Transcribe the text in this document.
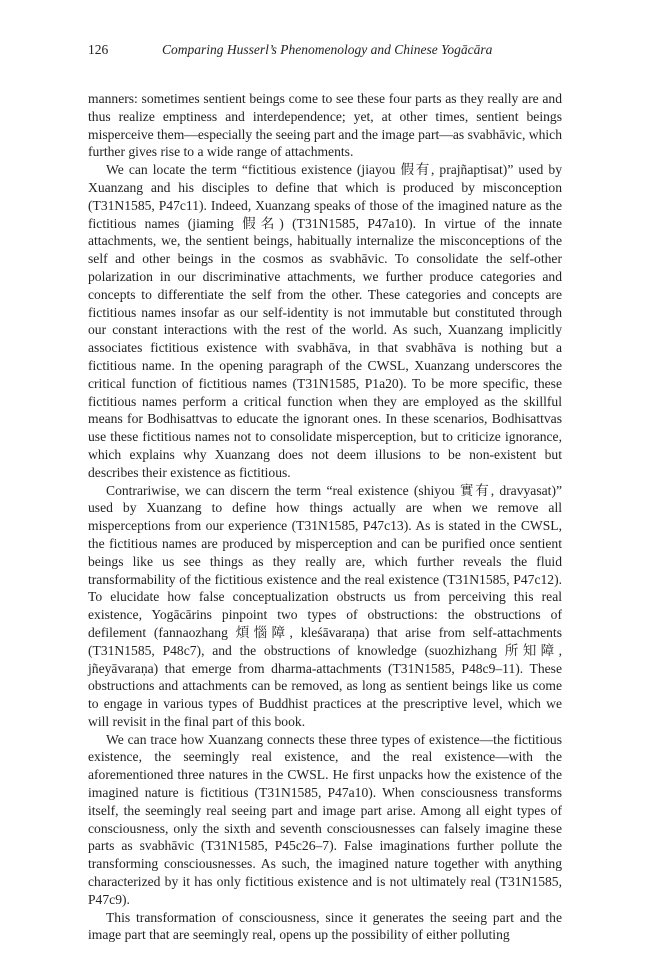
126	Comparing Husserl’s Phenomenology and Chinese Yogācāra

manners: sometimes sentient beings come to see these four parts as they really are and thus realize emptiness and interdependence; yet, at other times, sentient beings misperceive them—especially the seeing part and the image part—as svabhāvic, which further gives rise to a wide range of attachments.

We can locate the term “fictitious existence (jiayou 假有, prajñaptisat)” used by Xuanzang and his disciples to define that which is produced by misconception (T31N1585, P47c11). Indeed, Xuanzang speaks of those of the imagined nature as the fictitious names (jiaming 假名) (T31N1585, P47a10). In virtue of the innate attachments, we, the sentient beings, habitually internalize the misconceptions of the self and other beings in the cosmos as svabhāvic. To consolidate the self-other polarization in our discriminative attachments, we further produce categories and concepts to differentiate the self from the other. These categories and concepts are fictitious names insofar as our self-identity is not immutable but constituted through our constant interactions with the rest of the world. As such, Xuanzang implicitly associates fictitious existence with svabhāva, in that svabhāva is nothing but a fictitious name. In the opening paragraph of the CWSL, Xuanzang underscores the critical function of fictitious names (T31N1585, P1a20). To be more specific, these fictitious names perform a critical function when they are employed as the skillful means for Bodhisattvas to educate the ignorant ones. In these scenarios, Bodhisattvas use these fictitious names not to consolidate misperception, but to criticize ignorance, which explains why Xuanzang does not deem illusions to be non-existent but describes their existence as fictitious.

Contrariwise, we can discern the term “real existence (shiyou 實有, dravyasat)” used by Xuanzang to define how things actually are when we remove all misperceptions from our experience (T31N1585, P47c13). As is stated in the CWSL, the fictitious names are produced by misperception and can be purified once sentient beings like us see things as they really are, which further reveals the fluid transformability of the fictitious existence and the real existence (T31N1585, P47c12). To elucidate how false conceptualization obstructs us from perceiving this real existence, Yogācārins pinpoint two types of obstructions: the obstructions of defilement (fannaozhang 煩惱障, kleśāvaraṇa) that arise from self-attachments (T31N1585, P48c7), and the obstructions of knowledge (suozhizhang 所知障, jñeyāvaraṇa) that emerge from dharma-attachments (T31N1585, P48c9–11). These obstructions and attachments can be removed, as long as sentient beings like us come to engage in various types of Buddhist practices at the prescriptive level, which we will revisit in the final part of this book.

We can trace how Xuanzang connects these three types of existence—the fictitious existence, the seemingly real existence, and the real existence—with the aforementioned three natures in the CWSL. He first unpacks how the existence of the imagined nature is fictitious (T31N1585, P47a10). When consciousness transforms itself, the seemingly real seeing part and image part arise. Among all eight types of consciousness, only the sixth and seventh consciousnesses can falsely imagine these parts as svabhāvic (T31N1585, P45c26–7). False imaginations further pollute the transforming consciousnesses. As such, the imagined nature together with anything characterized by it has only fictitious existence and is not ultimately real (T31N1585, P47c9).

This transformation of consciousness, since it generates the seeing part and the image part that are seemingly real, opens up the possibility of either polluting
